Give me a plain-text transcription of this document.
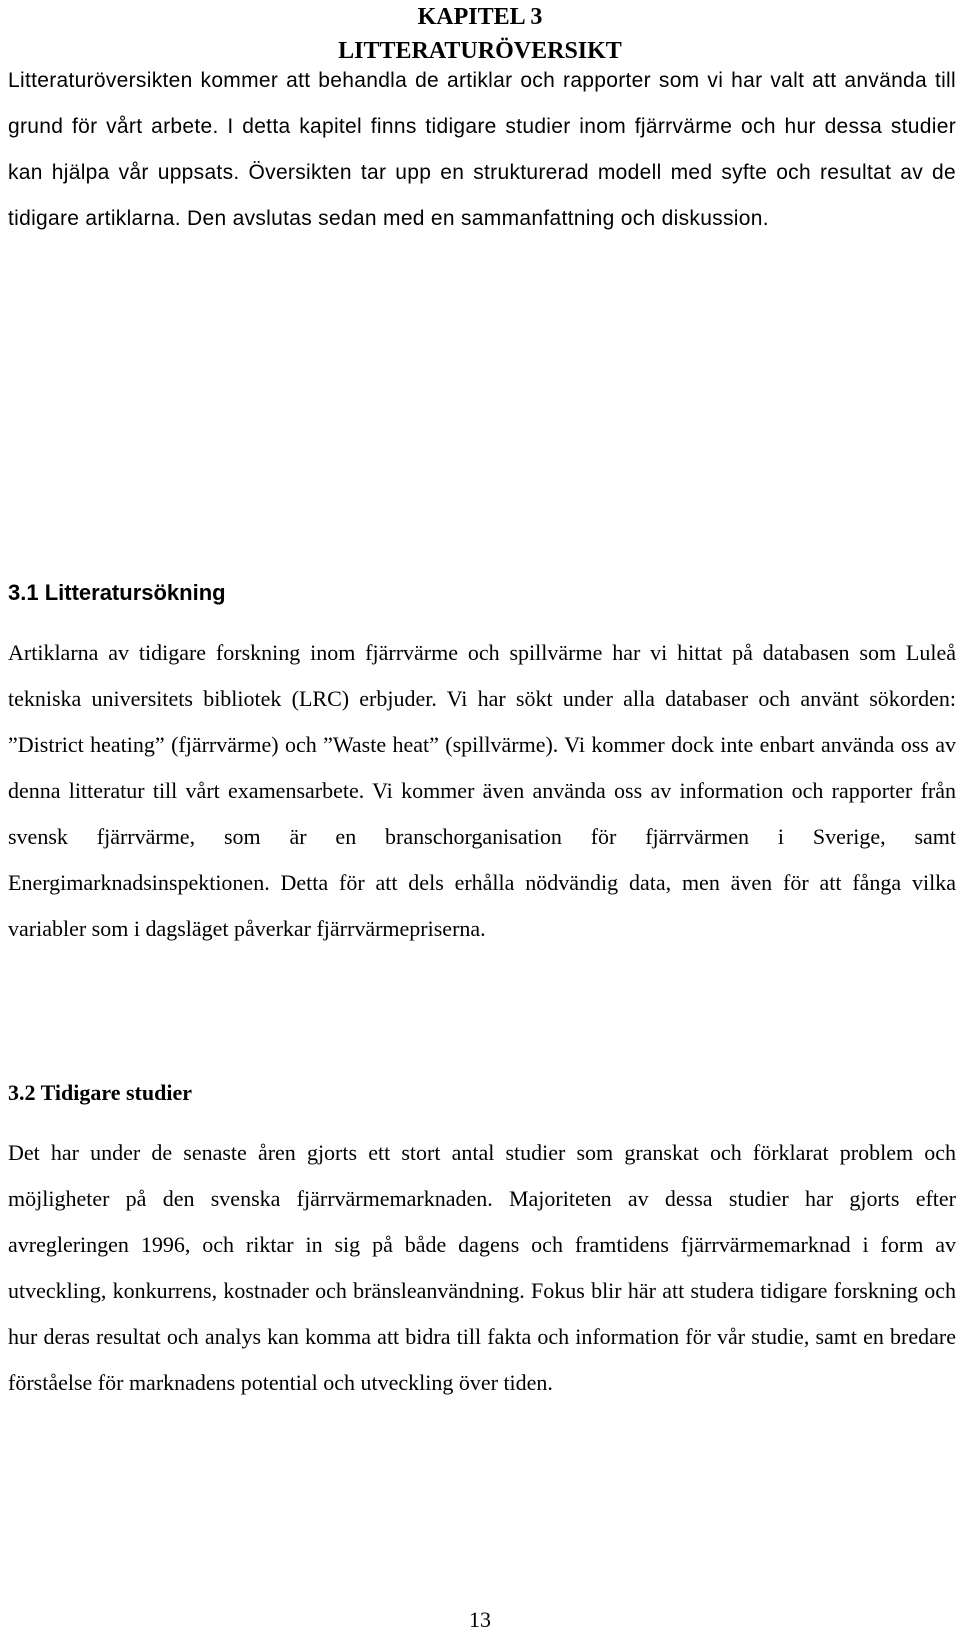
KAPITEL 3
LITTERATURÖVERSIKT

Litteraturöversikten kommer att behandla de artiklar och rapporter som vi har valt att använda till grund för vårt arbete. I detta kapitel finns tidigare studier inom fjärrvärme och hur dessa studier kan hjälpa vår uppsats. Översikten tar upp en strukturerad modell med syfte och resultat av de tidigare artiklarna. Den avslutas sedan med en sammanfattning och diskussion.

3.1 Litteratursökning

Artiklarna av tidigare forskning inom fjärrvärme och spillvärme har vi hittat på databasen som Luleå tekniska universitets bibliotek (LRC) erbjuder. Vi har sökt under alla databaser och använt sökorden: ”District heating” (fjärrvärme) och ”Waste heat” (spillvärme). Vi kommer dock inte enbart använda oss av denna litteratur till vårt examensarbete. Vi kommer även använda oss av information och rapporter från svensk fjärrvärme, som är en branschorganisation för fjärrvärmen i Sverige, samt Energimarknadsinspektionen. Detta för att dels erhålla nödvändig data, men även för att fånga vilka variabler som i dagsläget påverkar fjärrvärmepriserna.

3.2 Tidigare studier

Det har under de senaste åren gjorts ett stort antal studier som granskat och förklarat problem och möjligheter på den svenska fjärrvärmemarknaden. Majoriteten av dessa studier har gjorts efter avregleringen 1996, och riktar in sig på både dagens och framtidens fjärrvärmemarknad i form av utveckling, konkurrens, kostnader och bränsleanvändning. Fokus blir här att studera tidigare forskning och hur deras resultat och analys kan komma att bidra till fakta och information för vår studie, samt en bredare förståelse för marknadens potential och utveckling över tiden.

13
